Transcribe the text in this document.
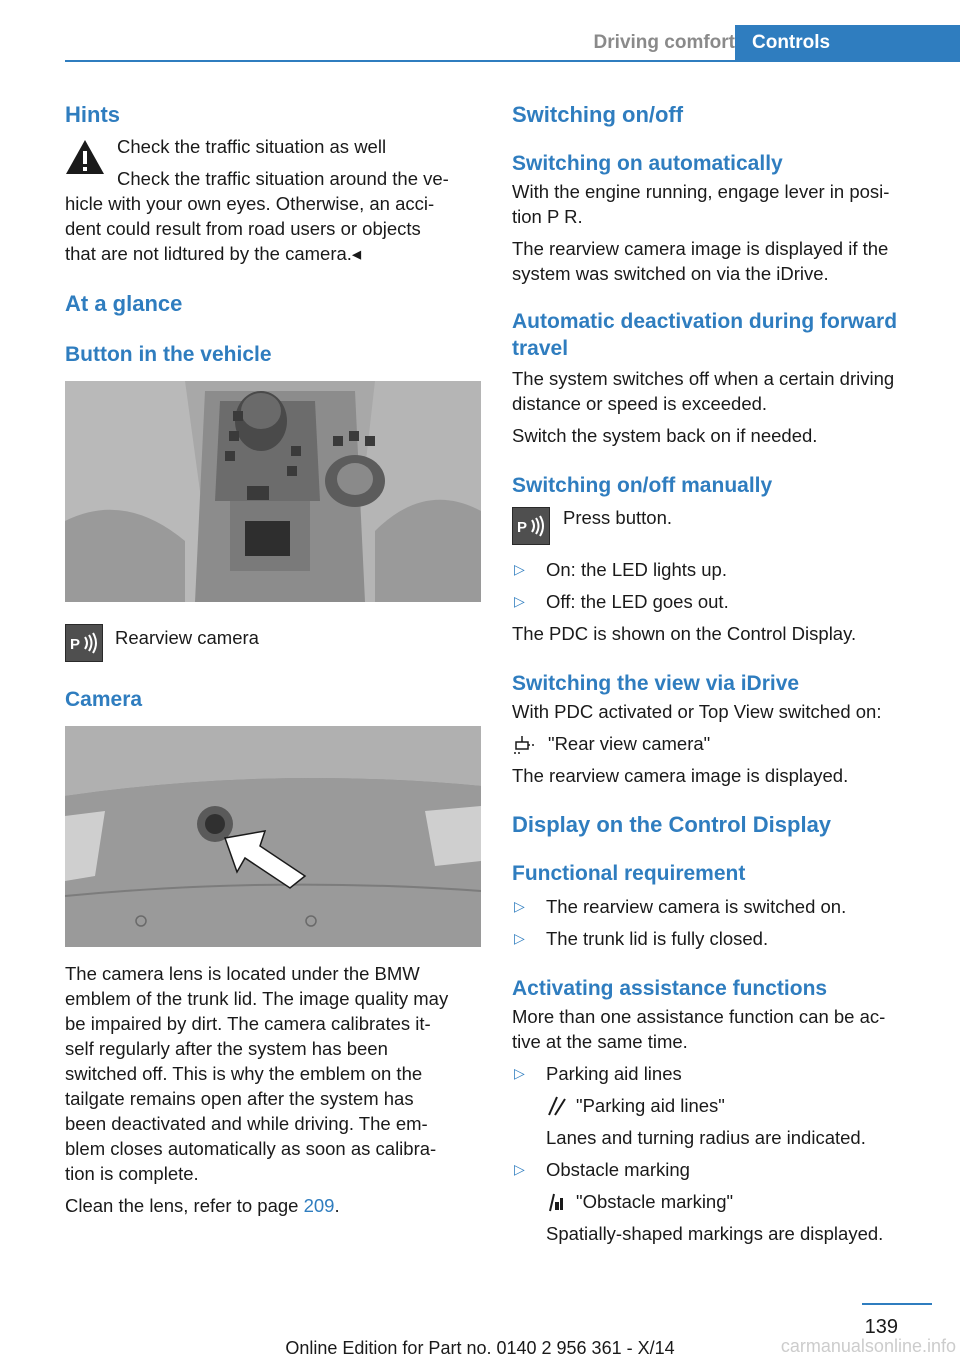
Driving comfort Controls
Hints

Check the traffic situation as well

Check the traffic situation around the ve-

hicle with your own eyes. Otherwise, an acci-

dent could result from road users or objects

that are not lidtured by the camera.◂

At a glance
Button in the vehicle
P Rearview camera

Camera

The camera lens is located under the BMW

emblem of the trunk lid. The image quality may

be impaired by dirt. The camera calibrates it-

self regularly after the system has been

switched off. This is why the emblem on the

tailgate remains open after the system has

been deactivated and while driving. The em-

blem closes automatically as soon as calibra-

tion is complete.

Clean the lens, refer to page 209.

Switching on/off
Switching on automatically

With the engine running, engage lever in posi-

tion P R.

The rearview camera image is displayed if the

system was switched on via the iDrive.

Automatic deactivation during forward
travel

The system switches off when a certain driving

distance or speed is exceeded.

Switch the system back on if needed.

Switching on/off manually
P Press button.

▷ On: the LED lights up.
▷ Off: the LED goes out.

The PDC is shown on the Control Display.

Switching the view via iDrive

With PDC activated or Top View switched on:

"Rear view camera"

The rearview camera image is displayed.

Display on the Control Display
Functional requirement
▷ The rearview camera is switched on.
▷ The trunk lid is fully closed.
Activating assistance functions

More than one assistance function can be ac-

tive at the same time.

▷ Parking aid lines
"Parking aid lines"
Lanes and turning radius are indicated.
▷ Obstacle marking
"Obstacle marking"
Spatially-shaped markings are displayed.
139
Online Edition for Part no. 0140 2 956 361 - X/14	carmanualsonline.info
